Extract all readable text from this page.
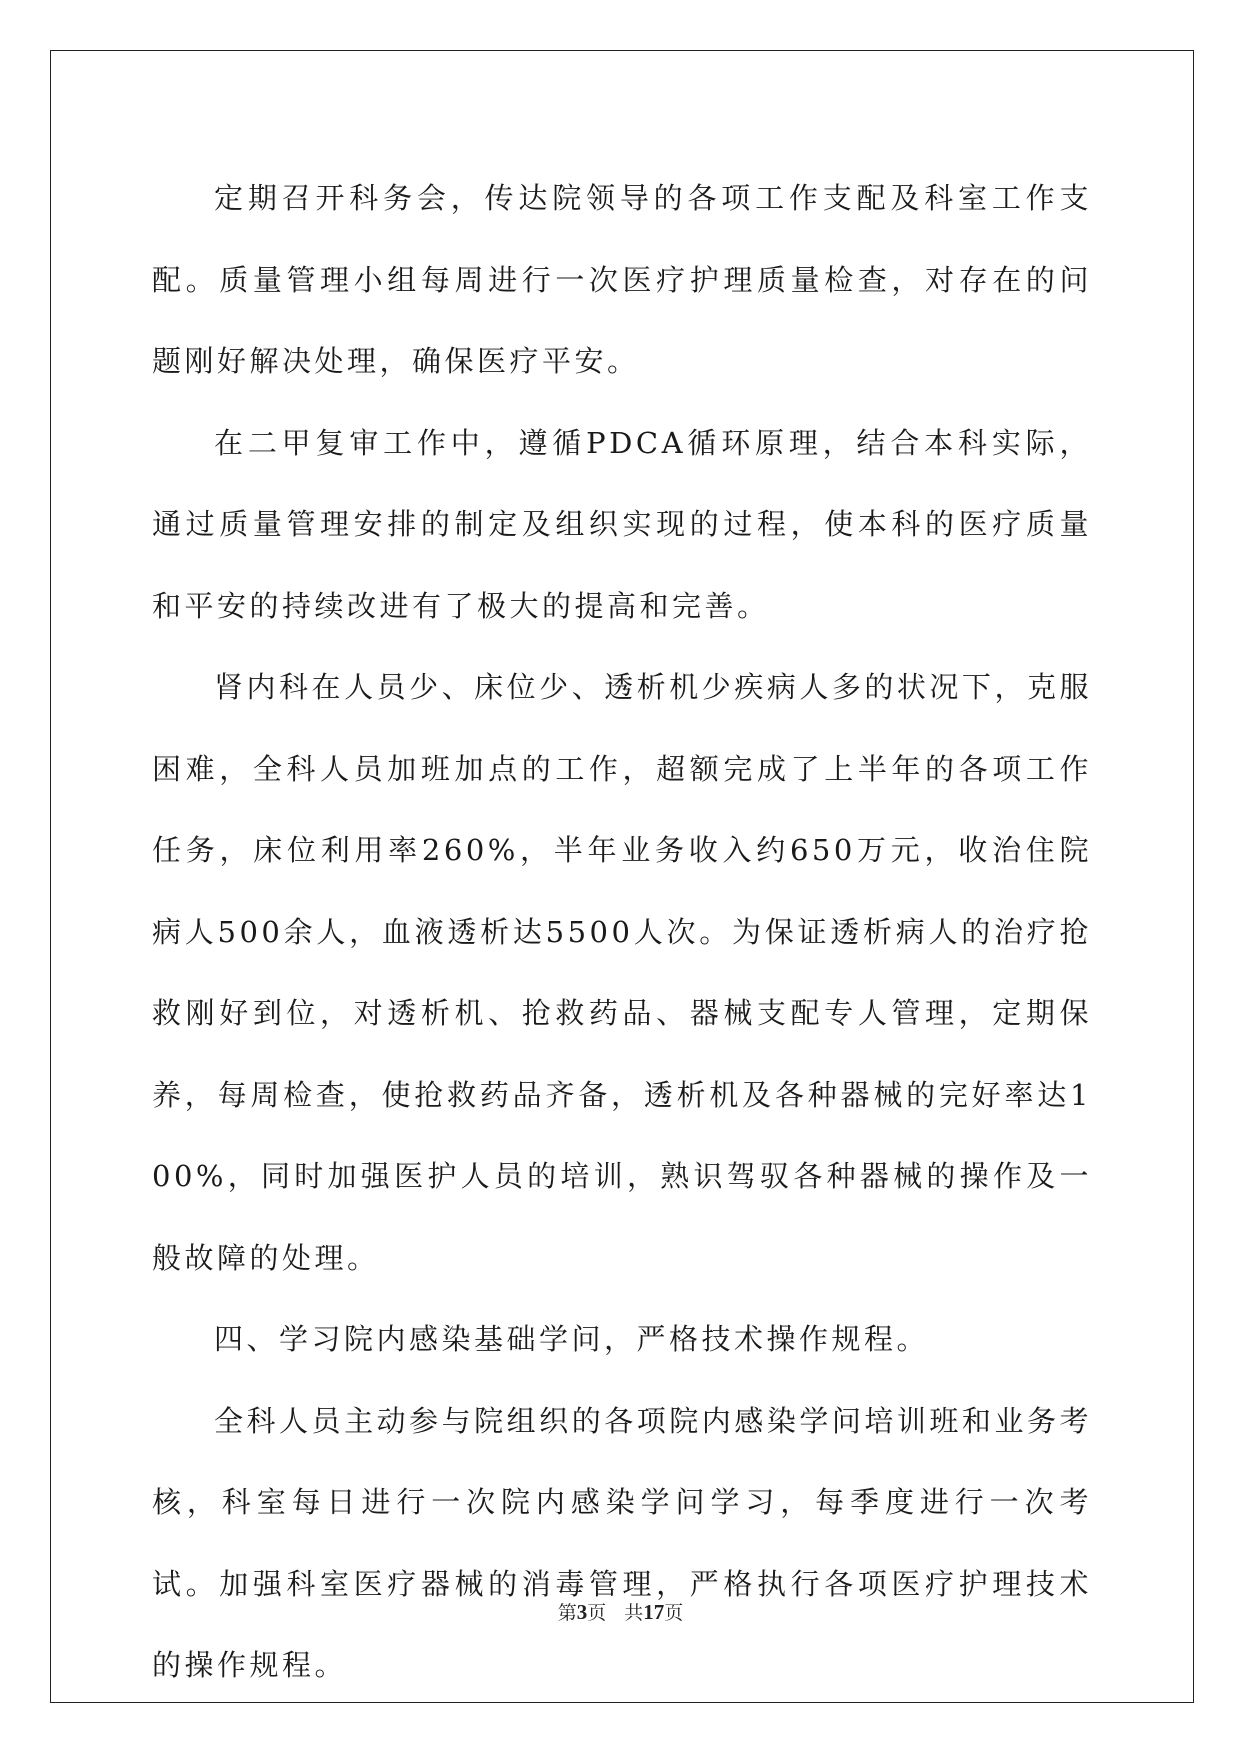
定期召开科务会，传达院领导的各项工作支配及科室工作支配。质量管理小组每周进行一次医疗护理质量检查，对存在的问题刚好解决处理，确保医疗平安。

在二甲复审工作中，遵循PDCA循环原理，结合本科实际，通过质量管理安排的制定及组织实现的过程，使本科的医疗质量和平安的持续改进有了极大的提高和完善。

肾内科在人员少、床位少、透析机少疾病人多的状况下，克服困难，全科人员加班加点的工作，超额完成了上半年的各项工作任务，床位利用率260%，半年业务收入约650万元，收治住院病人500余人，血液透析达5500人次。为保证透析病人的治疗抢救刚好到位，对透析机、抢救药品、器械支配专人管理，定期保养，每周检查，使抢救药品齐备，透析机及各种器械的完好率达100%，同时加强医护人员的培训，熟识驾驭各种器械的操作及一般故障的处理。

四、学习院内感染基础学问，严格技术操作规程。

全科人员主动参与院组织的各项院内感染学问培训班和业务考核，科室每日进行一次院内感染学问学习，每季度进行一次考试。加强科室医疗器械的消毒管理，严格执行各项医疗护理技术的操作规程。

第3页 共17页
